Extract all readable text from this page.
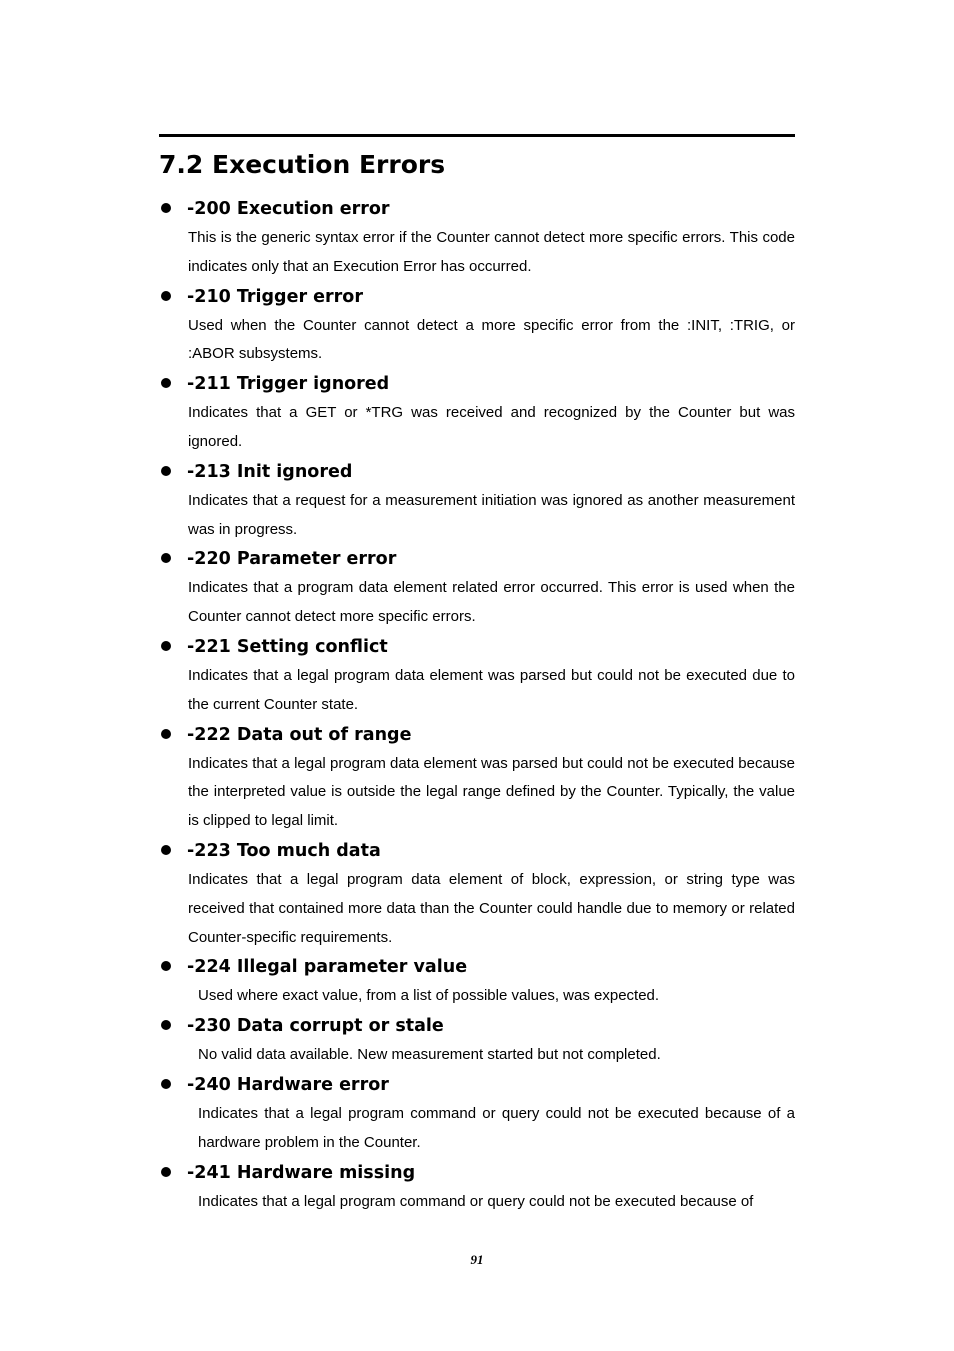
7.2 Execution Errors
-200 Execution error

This is the generic syntax error if the Counter cannot detect more specific errors. This code indicates only that an Execution Error has occurred.

-210 Trigger error

Used when the Counter cannot detect a more specific error from the :INIT, :TRIG, or :ABOR subsystems.

-211 Trigger ignored

Indicates that a GET or *TRG was received and recognized by the Counter but was ignored.

-213 Init ignored

Indicates that a request for a measurement initiation was ignored as another measurement was in progress.

-220 Parameter error

Indicates that a program data element related error occurred. This error is used when the Counter cannot detect more specific errors.

-221 Setting conflict

Indicates that a legal program data element was parsed but could not be executed due to the current Counter state.

-222 Data out of range

Indicates that a legal program data element was parsed but could not be executed because the interpreted value is outside the legal range defined by the Counter. Typically, the value is clipped to legal limit.

-223 Too much data

Indicates that a legal program data element of block, expression, or string type was received that contained more data than the Counter could handle due to memory or related Counter-specific requirements.

-224 Illegal parameter value

Used where exact value, from a list of possible values, was expected.

-230 Data corrupt or stale

No valid data available. New measurement started but not completed.

-240 Hardware error

Indicates that a legal program command or query could not be executed because of a hardware problem in the Counter.

-241 Hardware missing

Indicates that a legal program command or query could not be executed because of

91
